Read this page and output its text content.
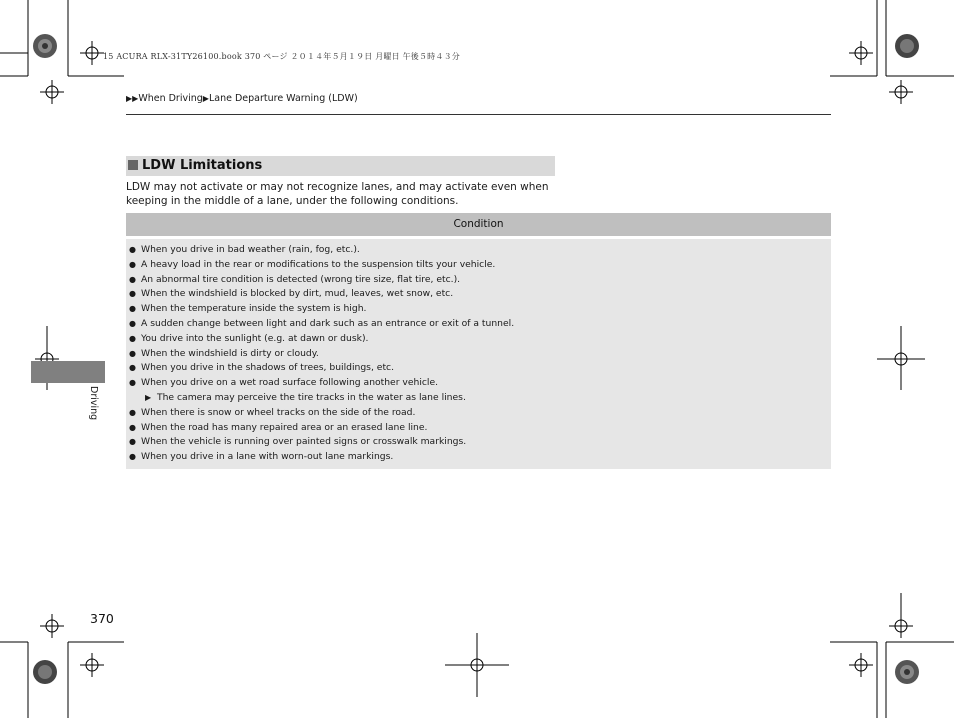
15 ACURA RLX-31TY26100.book 370 ページ ２０１４年５月１９日 月曜日 午後５時４３分
▶▶When Driving▶Lane Departure Warning (LDW)
LDW Limitations
LDW may not activate or may not recognize lanes, and may activate even when keeping in the middle of a lane, under the following conditions.
Condition
● When you drive in bad weather (rain, fog, etc.).
● A heavy load in the rear or modifications to the suspension tilts your vehicle.
● An abnormal tire condition is detected (wrong tire size, flat tire, etc.).
● When the windshield is blocked by dirt, mud, leaves, wet snow, etc.
● When the temperature inside the system is high.
● A sudden change between light and dark such as an entrance or exit of a tunnel.
● You drive into the sunlight (e.g. at dawn or dusk).
● When the windshield is dirty or cloudy.
● When you drive in the shadows of trees, buildings, etc.
● When you drive on a wet road surface following another vehicle.
▶ The camera may perceive the tire tracks in the water as lane lines.
● When there is snow or wheel tracks on the side of the road.
● When the road has many repaired area or an erased lane line.
● When the vehicle is running over painted signs or crosswalk markings.
● When you drive in a lane with worn-out lane markings.
Driving
370
